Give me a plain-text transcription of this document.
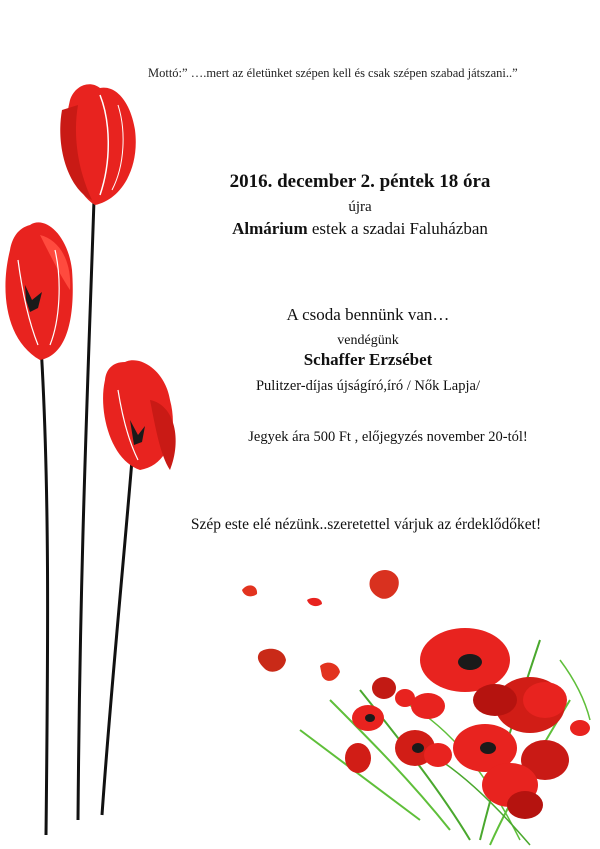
Mottó:” ….mert az életünket szépen kell és csak szépen szabad játszani..”
2016. december 2. péntek 18 óra
újra
Almárium estek a szadai Faluházban
A csoda bennünk van…
vendégünk
Schaffer Erzsébet
Pulitzer-díjas újságíró,író / Nők Lapja/
Jegyek ára 500 Ft , előjegyzés november 20-tól!
Szép este elé nézünk..szeretettel várjuk az érdeklődőket!
